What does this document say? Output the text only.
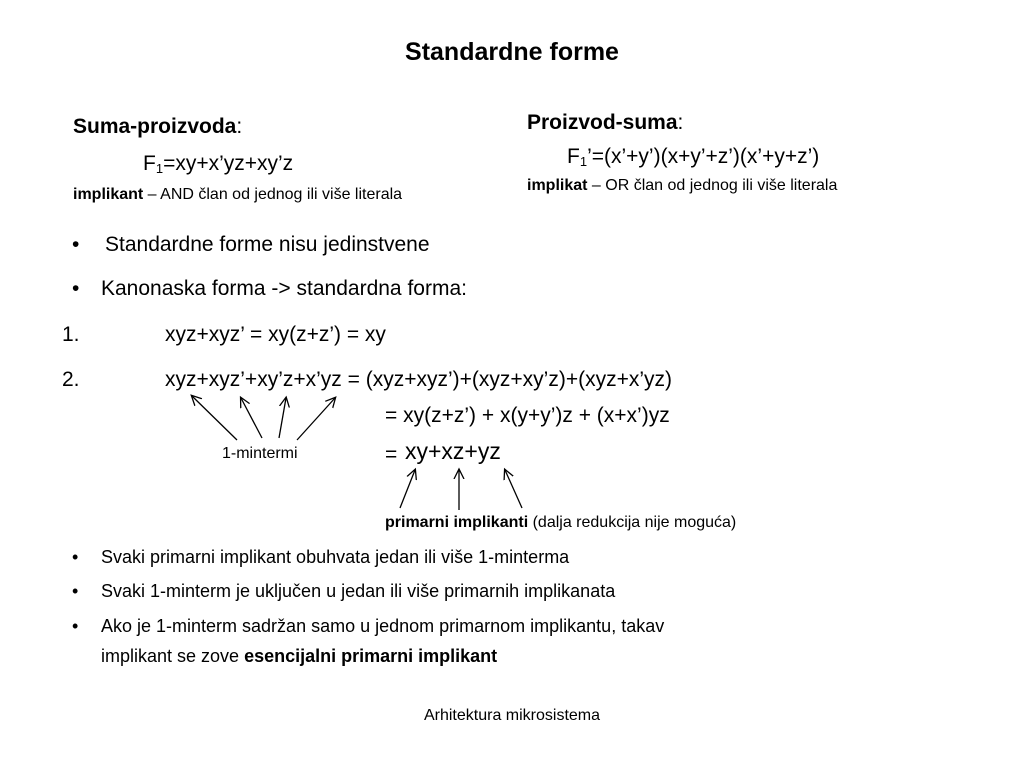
Standardne forme
Suma-proizvoda:
$F_1=xy+x’yz+xy’z$
implikant – AND član od jednog ili više literala
Proizvod-suma:
$F_1’=(x’+y’)(x+y’+z’)(x’+y+z’)$
implikat – OR član od jednog ili više literala
• Standardne forme nisu jedinstvene
• Kanonaska forma -> standardna forma:
1.	xyz+xyz’ = xy(z+z’) = xy
2.	xyz+xyz’+xy’z+x’yz = (xyz+xyz’)+(xyz+xy’z)+(xyz+x’yz)
= xy(z+z’) + x(y+y’)z + (x+x’)yz
= xy+xz+yz
1-mintermi
primarni implikanti (dalja redukcija nije moguća)
• Svaki primarni implikant obuhvata jedan ili više 1-minterma
• Svaki 1-minterm je uključen u jedan ili više primarnih implikanata
• Ako je 1-minterm sadržan samo u jednom primarnom implikantu, takav
implikant se zove esencijalni primarni implikant
Arhitektura mikrosistema
